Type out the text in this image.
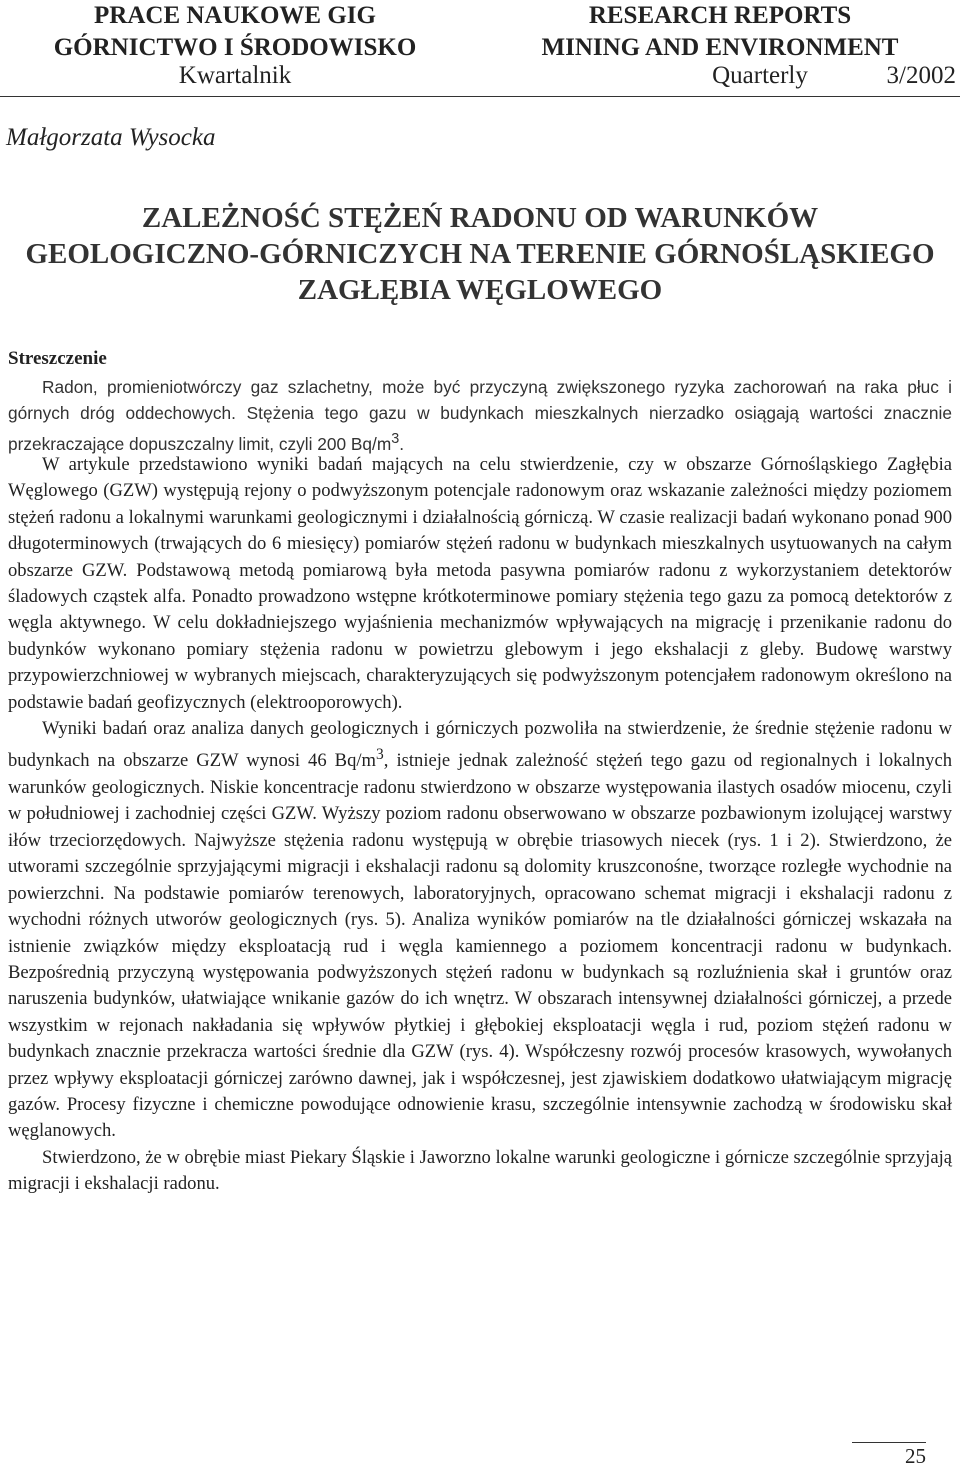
PRACE NAUKOWE GIG
GÓRNICTWO I ŚRODOWISKO
RESEARCH REPORTS
MINING AND ENVIRONMENT
Kwartalnik	Quarterly	3/2002
Małgorzata Wysocka
ZALEŻNOŚĆ STĘŻEŃ RADONU OD WARUNKÓW
GEOLOGICZNO-GÓRNICZYCH NA TERENIE GÓRNOŚLĄSKIEGO
ZAGŁĘBIA WĘGLOWEGO
Streszczenie

Radon, promieniotwórczy gaz szlachetny, może być przyczyną zwiększonego ryzyka zachorowań na raka płuc i górnych dróg oddechowych. Stężenia tego gazu w budynkach mieszkalnych nierzadko osiągają wartości znacznie przekraczające dopuszczalny limit, czyli 200 $Bq/m^3$.

W artykule przedstawiono wyniki badań mających na celu stwierdzenie, czy w obszarze Górnośląskiego Zagłębia Węglowego (GZW) występują rejony o podwyższonym potencjale radonowym oraz wskazanie zależności między poziomem stężeń radonu a lokalnymi warunkami geologicznymi i działalnością górniczą. W czasie realizacji badań wykonano ponad 900 długoterminowych (trwających do 6 miesięcy) pomiarów stężeń radonu w budynkach mieszkalnych usytuowanych na całym obszarze GZW. Podstawową metodą pomiarową była metoda pasywna pomiarów radonu z wykorzystaniem detektorów śladowych cząstek alfa. Ponadto prowadzono wstępne krótkoterminowe pomiary stężenia tego gazu za pomocą detektorów z węgla aktywnego. W celu dokładniejszego wyjaśnienia mechanizmów wpływających na migrację i przenikanie radonu do budynków wykonano pomiary stężenia radonu w powietrzu glebowym i jego ekshalacji z gleby. Budowę warstwy przypowierzchniowej w wybranych miejscach, charakteryzujących się podwyższonym potencjałem radonowym określono na podstawie badań geofizycznych (elektrooporowych).

Wyniki badań oraz analiza danych geologicznych i górniczych pozwoliła na stwierdzenie, że średnie stężenie radonu w budynkach na obszarze GZW wynosi 46 $Bq/m^3$, istnieje jednak zależność stężeń tego gazu od regionalnych i lokalnych warunków geologicznych. Niskie koncentracje radonu stwierdzono w obszarze występowania ilastych osadów miocenu, czyli w południowej i zachodniej części GZW. Wyższy poziom radonu obserwowano w obszarze pozbawionym izolującej warstwy iłów trzeciorzędowych. Najwyższe stężenia radonu występują w obrębie triasowych niecek (rys. 1 i 2). Stwierdzono, że utworami szczególnie sprzyjającymi migracji i ekshalacji radonu są dolomity kruszconośne, tworzące rozległe wychodnie na powierzchni. Na podstawie pomiarów terenowych, laboratoryjnych, opracowano schemat migracji i ekshalacji radonu z wychodni różnych utworów geologicznych (rys. 5). Analiza wyników pomiarów na tle działalności górniczej wskazała na istnienie związków między eksploatacją rud i węgla kamiennego a poziomem koncentracji radonu w budynkach. Bezpośrednią przyczyną występowania podwyższonych stężeń radonu w budynkach są rozluźnienia skał i gruntów oraz naruszenia budynków, ułatwiające wnikanie gazów do ich wnętrz. W obszarach intensywnej działalności górniczej, a przede wszystkim w rejonach nakładania się wpływów płytkiej i głębokiej eksploatacji węgla i rud, poziom stężeń radonu w budynkach znacznie przekracza wartości średnie dla GZW (rys. 4). Współczesny rozwój procesów krasowych, wywołanych przez wpływy eksploatacji górniczej zarówno dawnej, jak i współczesnej, jest zjawiskiem dodatkowo ułatwiającym migrację gazów. Procesy fizyczne i chemiczne powodujące odnowienie krasu, szczególnie intensywnie zachodzą w środowisku skał węglanowych.

Stwierdzono, że w obrębie miast Piekary Śląskie i Jaworzno lokalne warunki geologiczne i górnicze szczególnie sprzyjają migracji i ekshalacji radonu.

25
